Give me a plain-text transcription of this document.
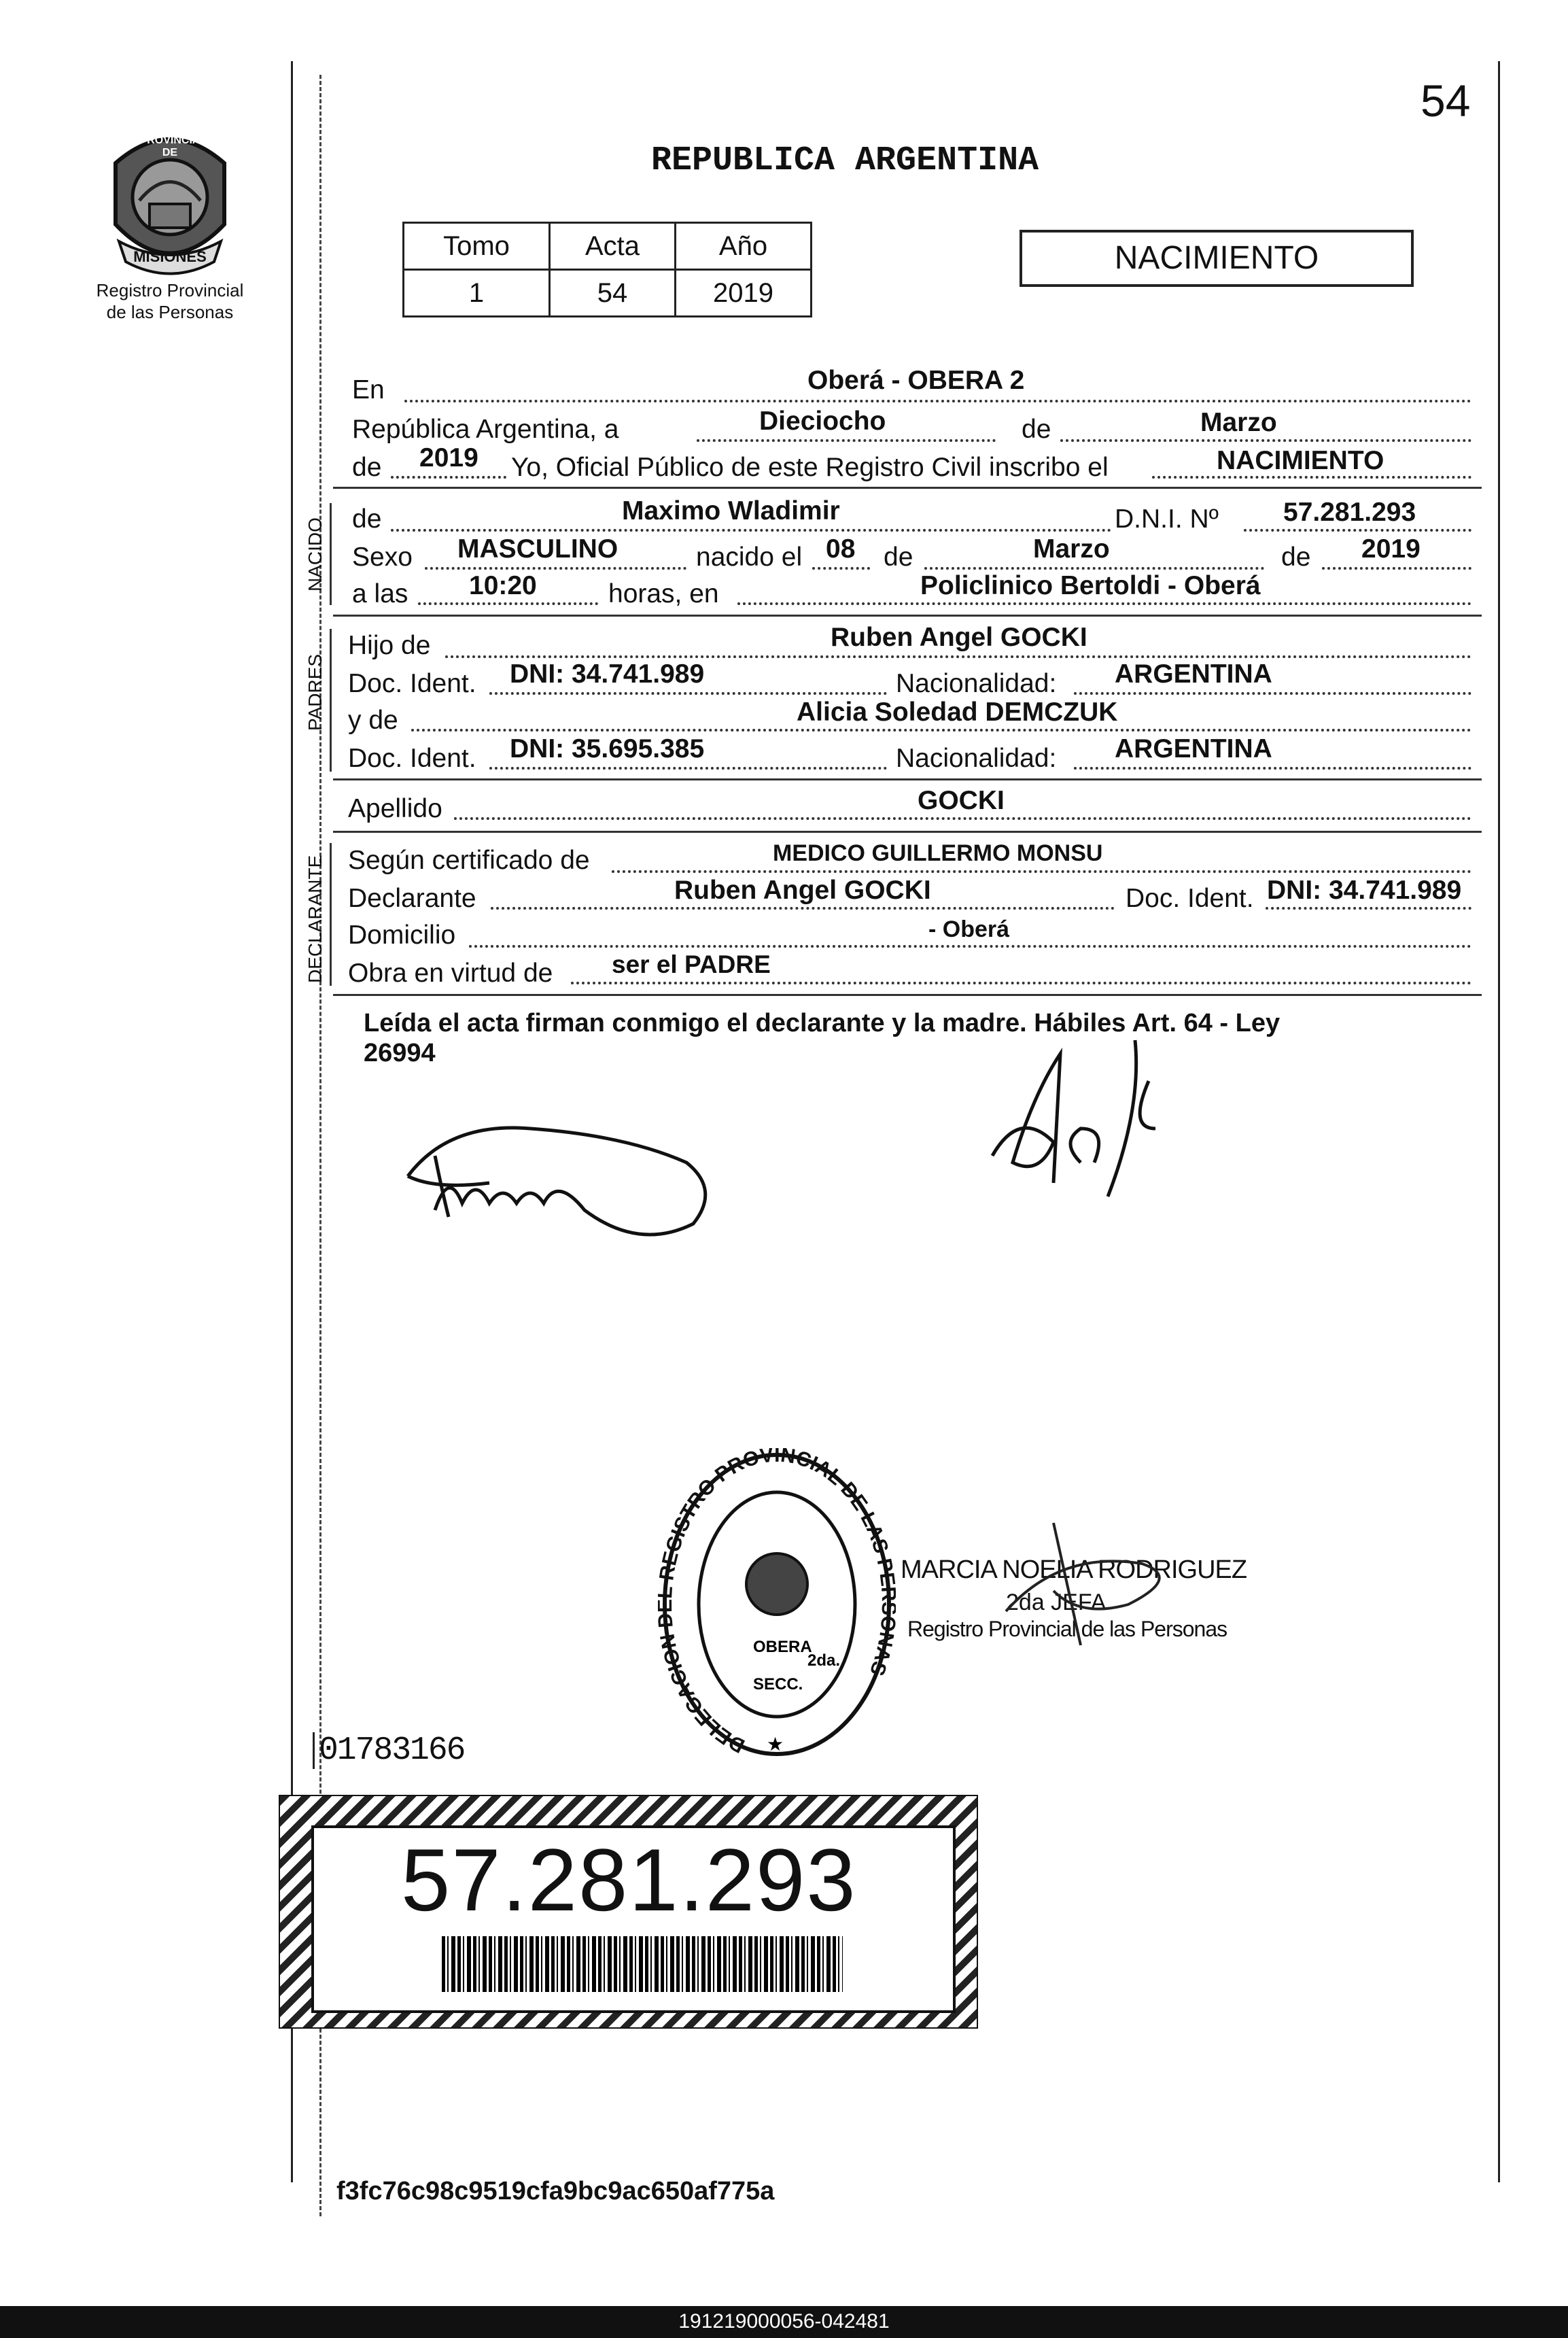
PROVINCIA DE
MISIONES
Registro Provincial
de las Personas
54
REPUBLICA ARGENTINA
Tomo	Acta	Año
1	54	2019
NACIMIENTO
En	Oberá - OBERA 2
República Argentina, a	Dieciocho	de	Marzo
de 2019 Yo, Oficial Público de este Registro Civil inscribo el	NACIMIENTO
NACIDO de	Maximo Wladimir	D.N.I. Nº 57.281.293
Sexo MASCULINO	nacido el 08 de	Marzo	de 2019
a las 10:20	horas, en	Policlinico Bertoldi - Oberá
PADRES
Hijo de	Ruben Angel GOCKI
Doc. Ident. DNI: 34.741.989	Nacionalidad: ARGENTINA
y de	Alicia Soledad DEMCZUK
Doc. Ident. DNI: 35.695.385	Nacionalidad: ARGENTINA
Apellido	GOCKI
DECLARANTE Según certificado de	MEDICO GUILLERMO MONSU
Declarante	Ruben Angel GOCKI	Doc. Ident. DNI: 34.741.989
Domicilio	- Oberá
Obra en virtud de ser el PADRE
Leída el acta firman conmigo el declarante y la madre. Hábiles Art. 64 - Ley
26994
DELEGACION EGISTRO PROVINCIAL DE LAS P NAS
OBERA
SECC.
2da.
★
MARCIA NOELIA RODRIGUEZ
2da JEFA
Registro Provincial de las Personas
01783166
57.281.293
f3fc76c98c9519cfa9bc9ac650af775a
191219000056-042481
